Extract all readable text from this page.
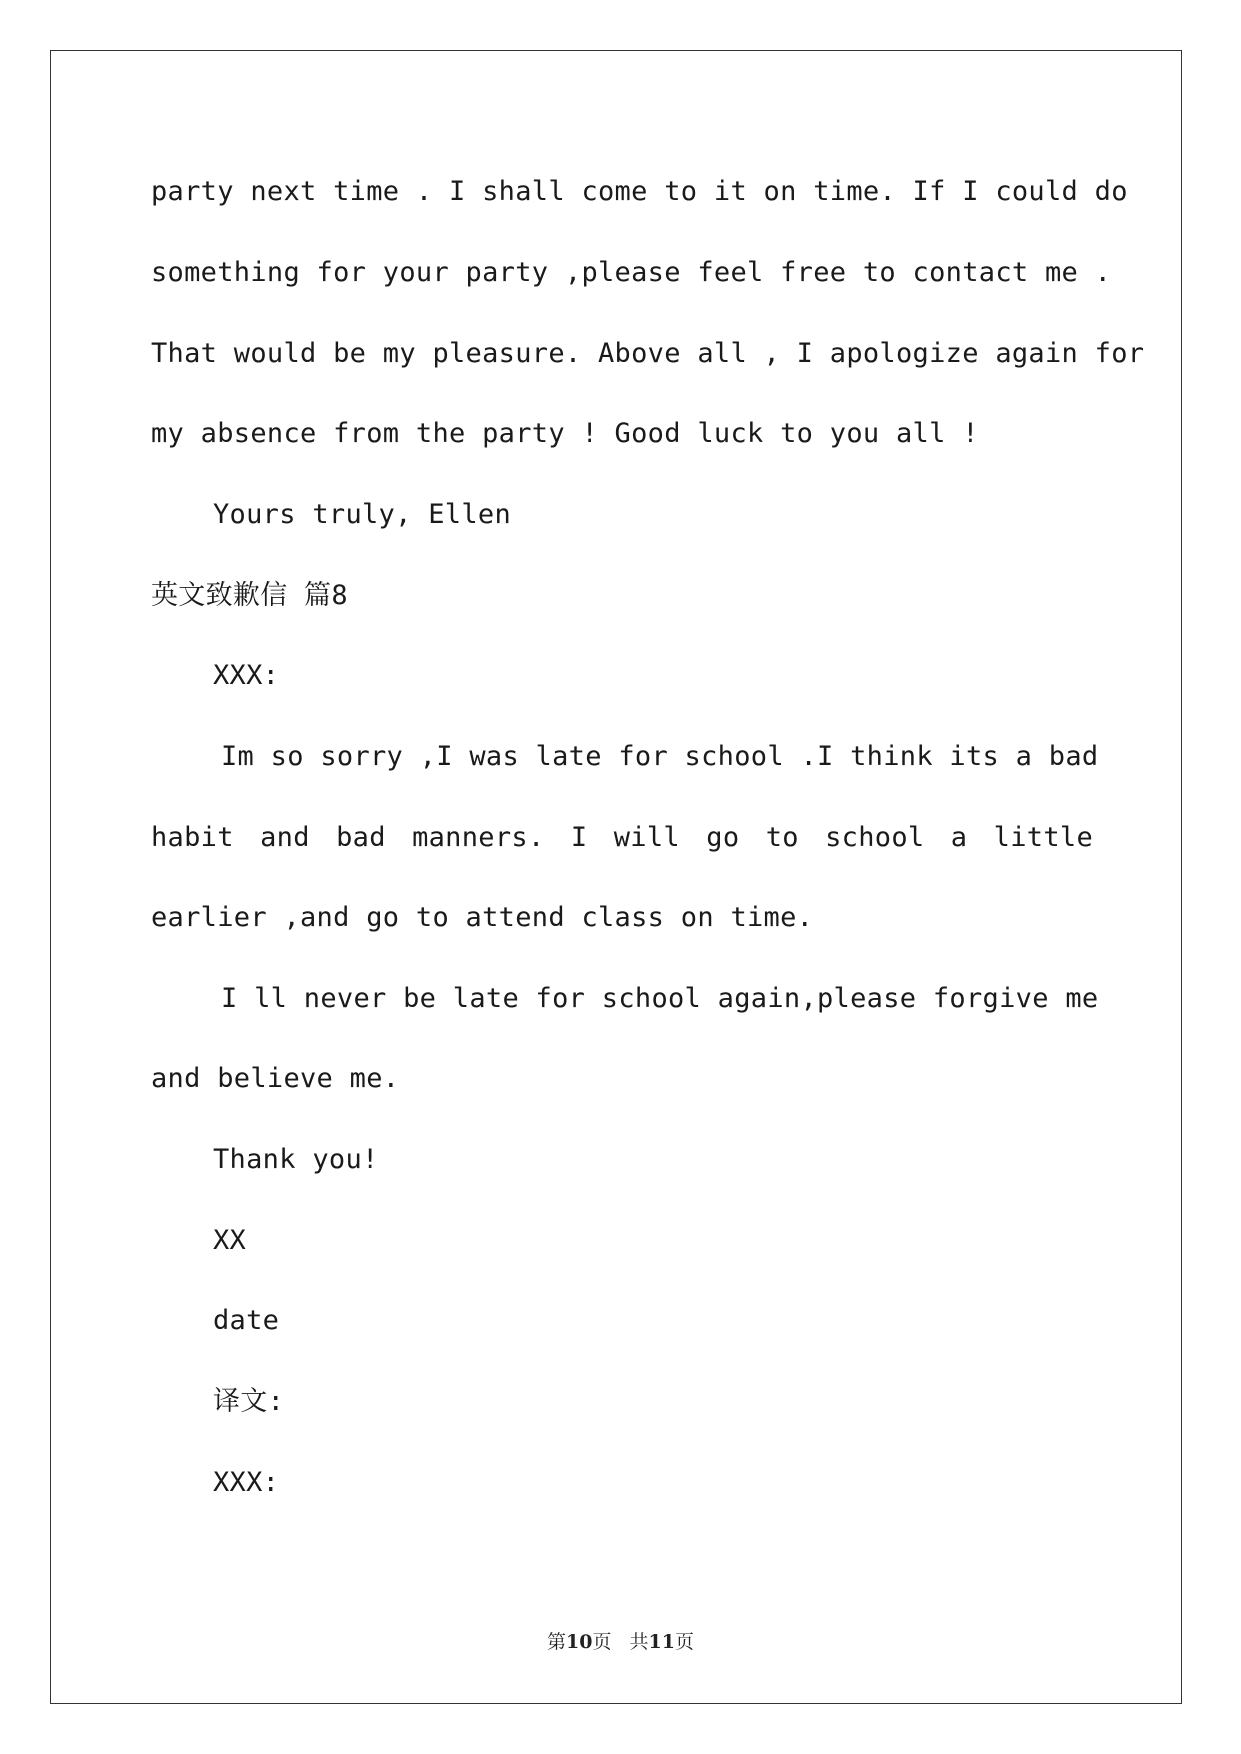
party next time . I shall come to it on time. If I could do
something for your party ,please feel free to contact me .
That would be my pleasure. Above all , I apologize again for
my absence from the party ! Good luck to you all !
Yours truly, Ellen
英文致歉信 篇8
XXX:
Im so sorry ,I was late for school .I think its a bad
habit and bad manners. I will go to school a little
earlier ,and go to attend class on time.
I ll never be late for school again,please forgive me
and believe me.
Thank you!
XX
date
译文:
XXX:
第10页 共11页
